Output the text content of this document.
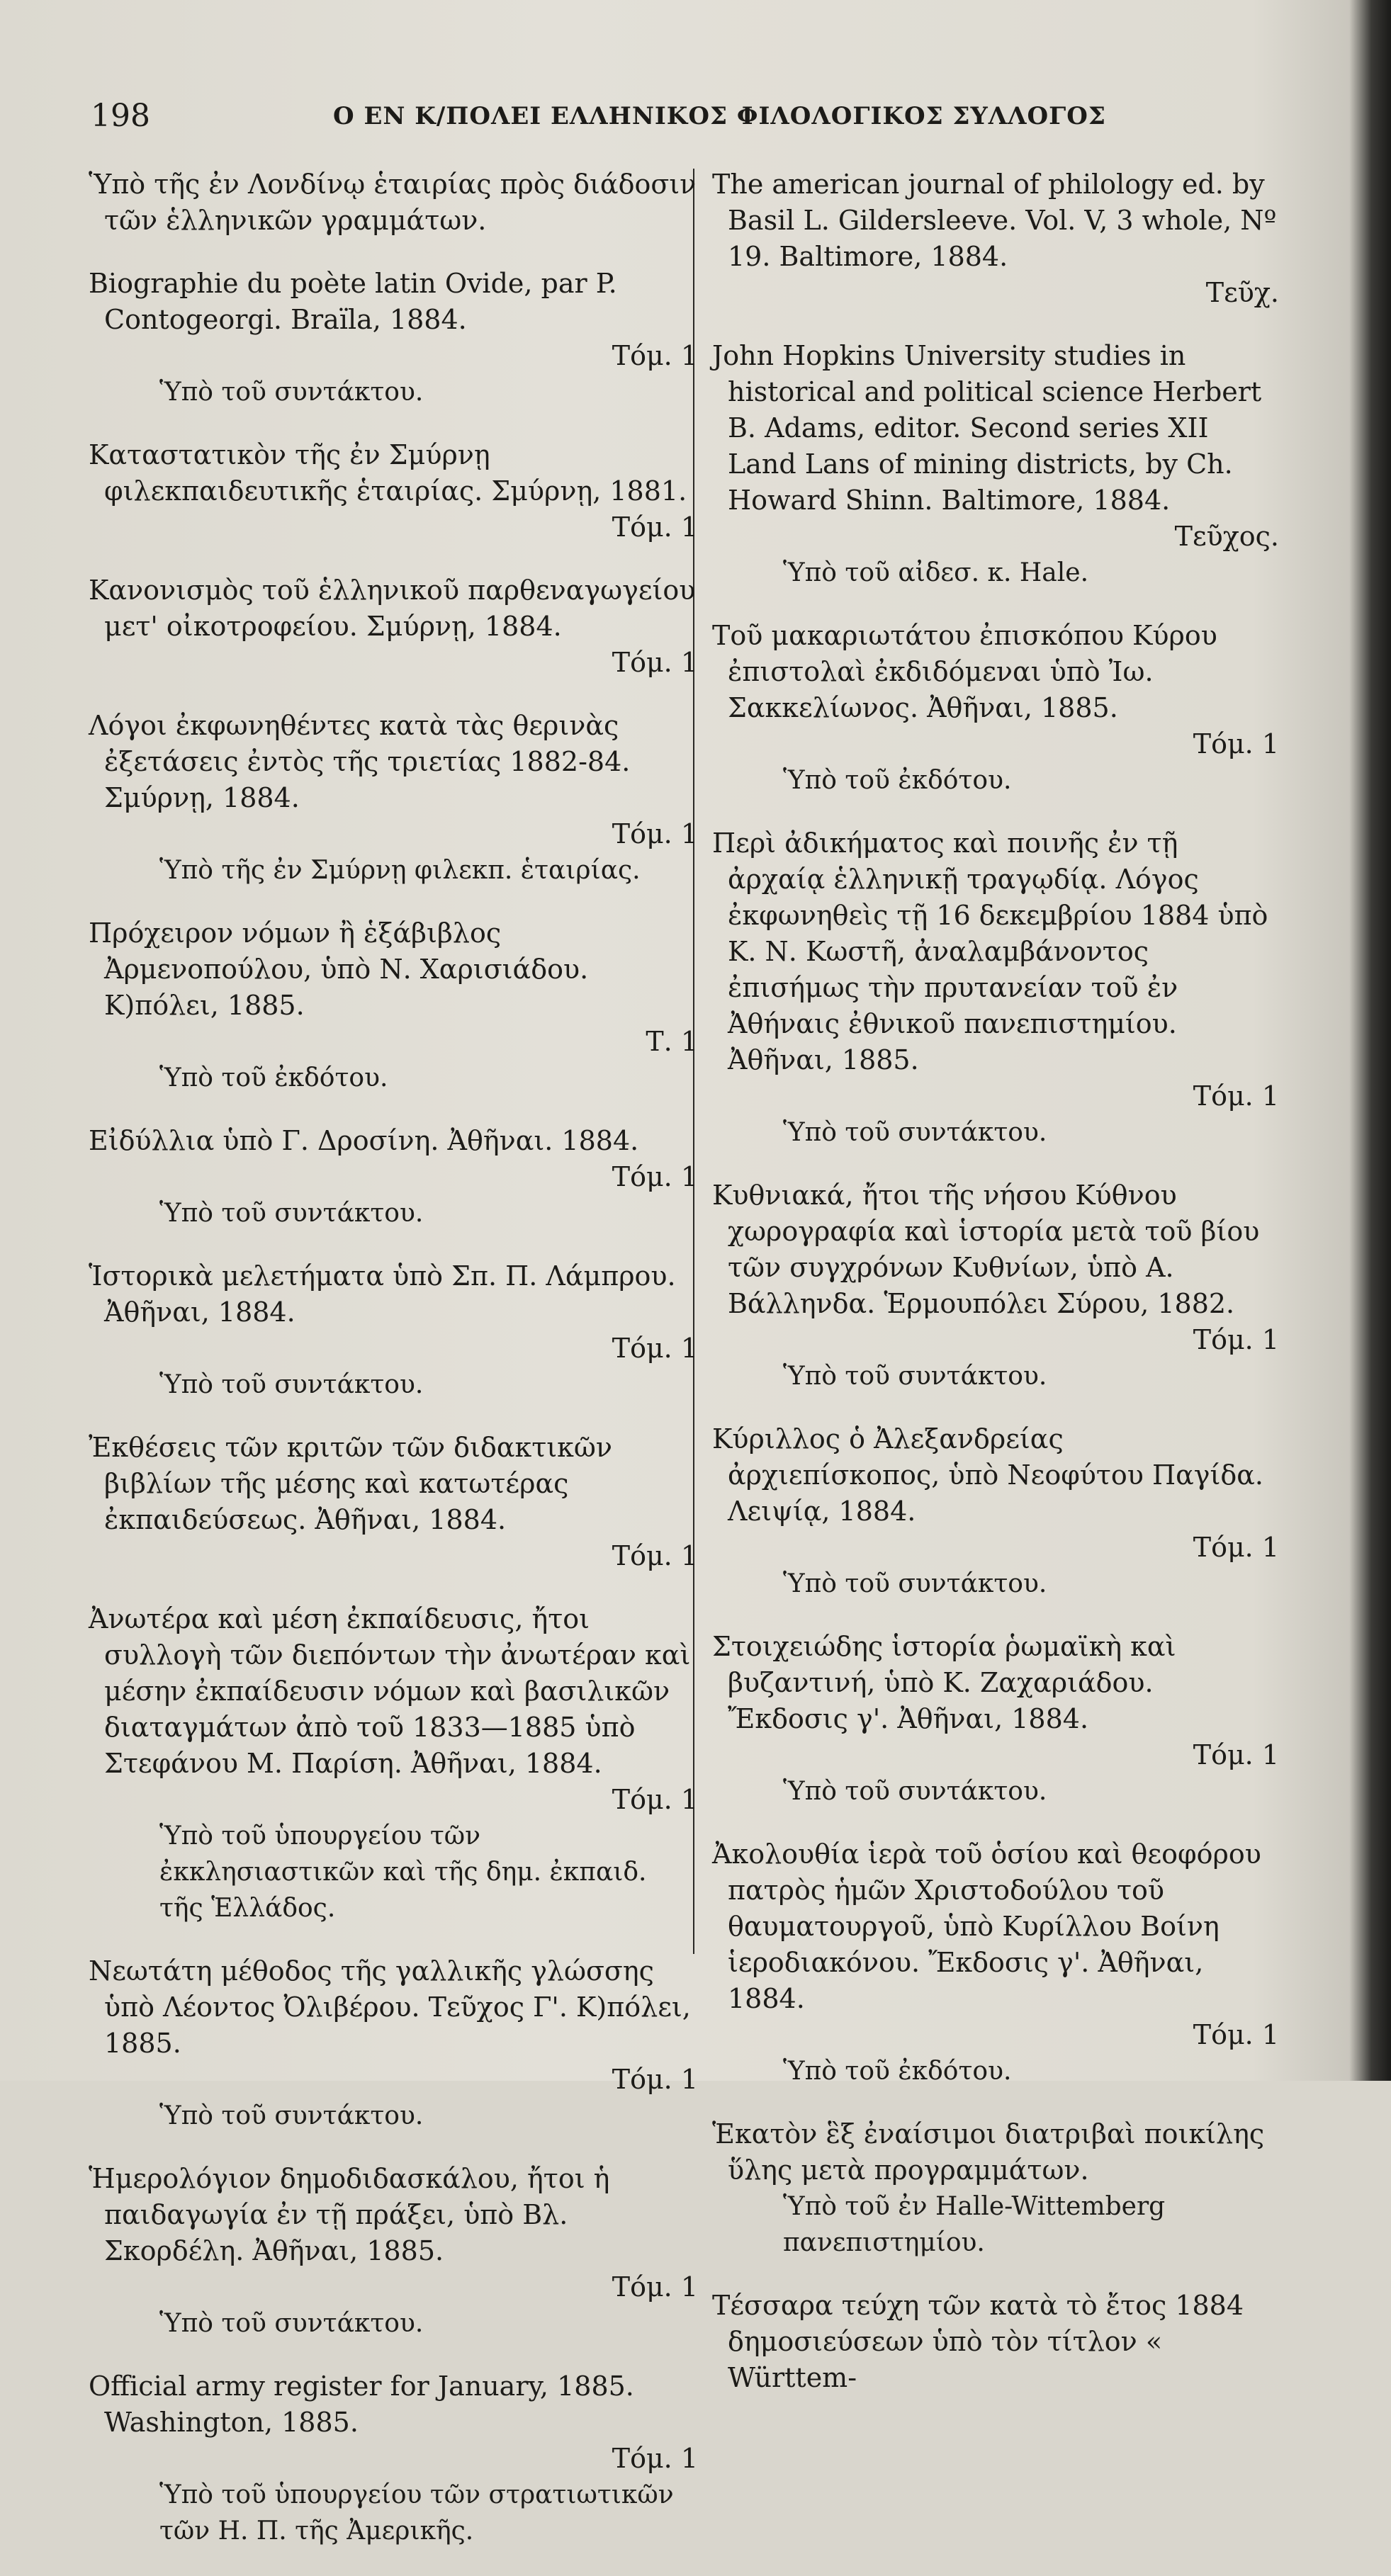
198	Ο ΕΝ Κ/ΠΟΛΕΙ ΕΛΛΗΝΙΚΟΣ ΦΙΛΟΛΟΓΙΚΟΣ ΣΥΛΛΟΓΟΣ
Ὑπὸ τῆς ἐν Λονδίνῳ ἑταιρίας πρὸς διάδοσιν τῶν ἑλληνικῶν γραμμάτων.
Biographie du poète latin Ovide, par P. Contogeorgi. Braïla, 1884.
Τόμ. 1
Ὑπὸ τοῦ συντάκτου.
Καταστατικὸν τῆς ἐν Σμύρνῃ φιλεκπαιδευτικῆς ἑταιρίας. Σμύρνῃ, 1881.
Τόμ. 1
Κανονισμὸς τοῦ ἑλληνικοῦ παρθεναγωγείου μετ' οἰκοτροφείου. Σμύρνῃ, 1884.
Τόμ. 1
Λόγοι ἐκφωνηθέντες κατὰ τὰς θερινὰς ἐξετάσεις ἐντὸς τῆς τριετίας 1882-84. Σμύρνῃ, 1884.
Τόμ. 1
Ὑπὸ τῆς ἐν Σμύρνῃ φιλεκπ. ἑταιρίας.
Πρόχειρον νόμων ἢ ἑξάβιβλος Ἀρμενοπούλου, ὑπὸ Ν. Χαρισιάδου. Κ)πόλει, 1885.
Τ. 1
Ὑπὸ τοῦ ἐκδότου.
Εἰδύλλια ὑπὸ Γ. Δροσίνη. Ἀθῆναι. 1884.
Τόμ. 1
Ὑπὸ τοῦ συντάκτου.
Ἱστορικὰ μελετήματα ὑπὸ Σπ. Π. Λάμπρου. Ἀθῆναι, 1884.
Τόμ. 1
Ὑπὸ τοῦ συντάκτου.
Ἐκθέσεις τῶν κριτῶν τῶν διδακτικῶν βιβλίων τῆς μέσης καὶ κατωτέρας ἐκπαιδεύσεως. Ἀθῆναι, 1884.
Τόμ. 1
Ἀνωτέρα καὶ μέση ἐκπαίδευσις, ἤτοι συλλογὴ τῶν διεπόντων τὴν ἀνωτέραν καὶ μέσην ἐκπαίδευσιν νόμων καὶ βασιλικῶν διαταγμάτων ἀπὸ τοῦ 1833—1885 ὑπὸ Στεφάνου Μ. Παρίση. Ἀθῆναι, 1884.
Τόμ. 1
Ὑπὸ τοῦ ὑπουργείου τῶν ἐκκλησιαστικῶν καὶ τῆς δημ. ἐκπαιδ. τῆς Ἑλλάδος.
Νεωτάτη μέθοδος τῆς γαλλικῆς γλώσσης ὑπὸ Λέοντος Ὀλιβέρου. Τεῦχος Γ'. Κ)πόλει, 1885.
Τόμ. 1
Ὑπὸ τοῦ συντάκτου.
Ἡμερολόγιον δημοδιδασκάλου, ἤτοι ἡ παιδαγωγία ἐν τῇ πράξει, ὑπὸ Βλ. Σκορδέλη. Ἀθῆναι, 1885.
Τόμ. 1
Ὑπὸ τοῦ συντάκτου.
Official army register for January, 1885. Washington, 1885.
Τόμ. 1
Ὑπὸ τοῦ ὑπουργείου τῶν στρατιωτικῶν τῶν Η. Π. τῆς Ἀμερικῆς.
The american journal of philology ed. by Basil L. Gildersleeve. Vol. V, 3 whole, Nº 19. Baltimore, 1884.
Τεῦχ.
John Hopkins University studies in historical and political science Herbert B. Adams, editor. Second series XII Land Lans of mining districts, by Ch. Howard Shinn. Baltimore, 1884.
Τεῦχος.
Ὑπὸ τοῦ αἰδεσ. κ. Hale.
Τοῦ μακαριωτάτου ἐπισκόπου Κύρου ἐπιστολαὶ ἐκδιδόμεναι ὑπὸ Ἰω. Σακκελίωνος. Ἀθῆναι, 1885.
Τόμ. 1
Ὑπὸ τοῦ ἐκδότου.
Περὶ ἀδικήματος καὶ ποινῆς ἐν τῇ ἀρχαίᾳ ἑλληνικῇ τραγῳδίᾳ. Λόγος ἐκφωνηθεὶς τῇ 16 δεκεμβρίου 1884 ὑπὸ Κ. Ν. Κωστῆ, ἀναλαμβάνοντος ἐπισήμως τὴν πρυτανείαν τοῦ ἐν Ἀθήναις ἐθνικοῦ πανεπιστημίου. Ἀθῆναι, 1885.
Τόμ. 1
Ὑπὸ τοῦ συντάκτου.
Κυθνιακά, ἤτοι τῆς νήσου Κύθνου χωρογραφία καὶ ἱστορία μετὰ τοῦ βίου τῶν συγχρόνων Κυθνίων, ὑπὸ Α. Βάλληνδα. Ἑρμουπόλει Σύρου, 1882.
Τόμ. 1
Ὑπὸ τοῦ συντάκτου.
Κύριλλος ὁ Ἀλεξανδρείας ἀρχιεπίσκοπος, ὑπὸ Νεοφύτου Παγίδα. Λειψίᾳ, 1884.
Τόμ. 1
Ὑπὸ τοῦ συντάκτου.
Στοιχειώδης ἱστορία ῥωμαϊκὴ καὶ βυζαντινή, ὑπὸ Κ. Ζαχαριάδου. Ἔκδοσις γ'. Ἀθῆναι, 1884.
Τόμ. 1
Ὑπὸ τοῦ συντάκτου.
Ἀκολουθία ἱερὰ τοῦ ὁσίου καὶ θεοφόρου πατρὸς ἡμῶν Χριστοδούλου τοῦ θαυματουργοῦ, ὑπὸ Κυρίλλου Βοίνη ἱεροδιακόνου. Ἔκδοσις γ'. Ἀθῆναι, 1884.
Τόμ. 1
Ὑπὸ τοῦ ἐκδότου.
Ἑκατὸν ἓξ ἐναίσιμοι διατριβαὶ ποικίλης ὕλης μετὰ προγραμμάτων.
Ὑπὸ τοῦ ἐν Halle-Wittemberg πανεπιστημίου.
Τέσσαρα τεύχη τῶν κατὰ τὸ ἔτος 1884 δημοσιεύσεων ὑπὸ τὸν τίτλον « Württem-
